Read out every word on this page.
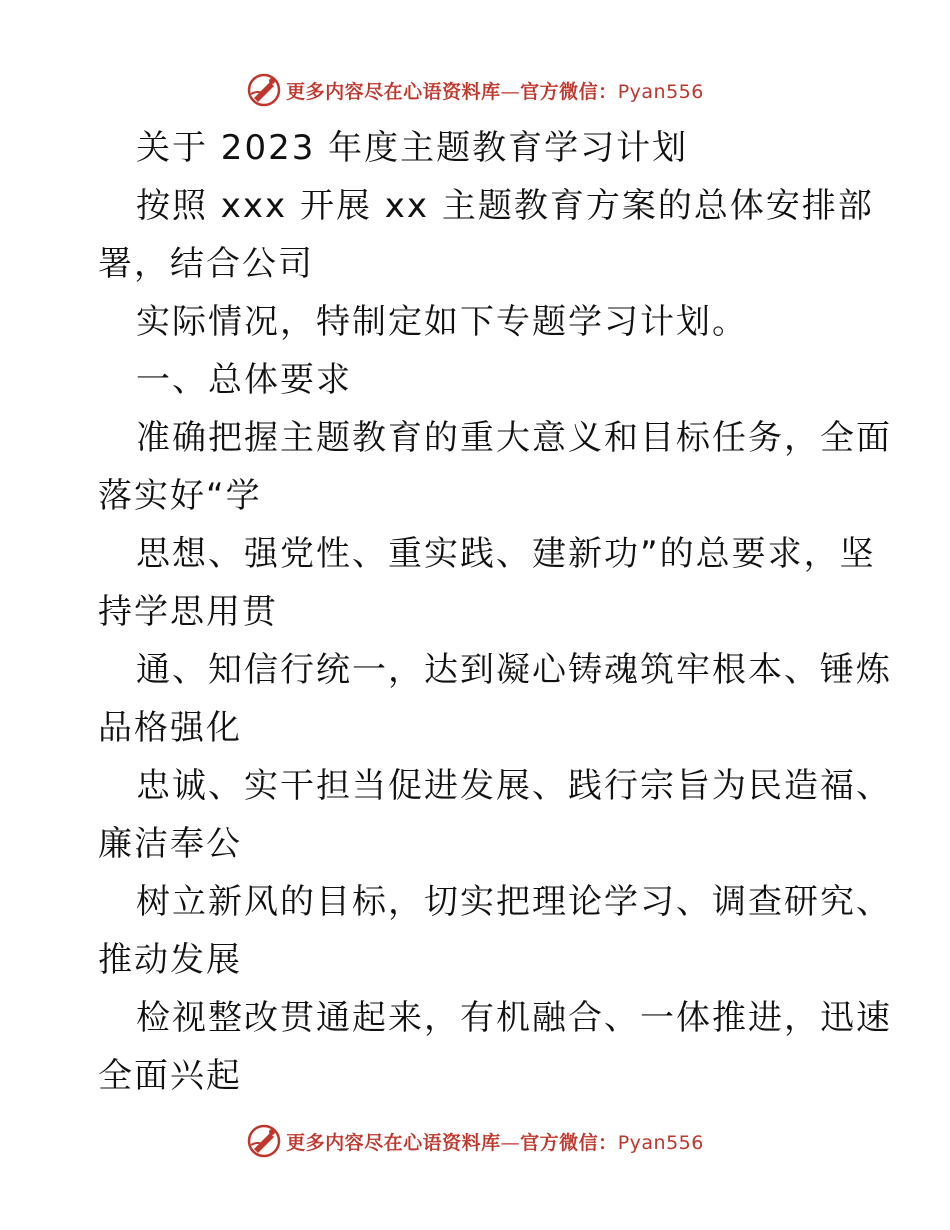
更多内容尽在心语资料库—官方微信：Pyan556
关于 2023 年度主题教育学习计划
按照 xxx 开展 xx 主题教育方案的总体安排部
署，结合公司
实际情况，特制定如下专题学习计划。
一、总体要求
准确把握主题教育的重大意义和目标任务，全面
落实好“学
思想、强党性、重实践、建新功”的总要求，坚
持学思用贯
通、知信行统一，达到凝心铸魂筑牢根本、锤炼
品格强化
忠诚、实干担当促进发展、践行宗旨为民造福、
廉洁奉公
树立新风的目标，切实把理论学习、调查研究、
推动发展
检视整改贯通起来，有机融合、一体推进，迅速
全面兴起
更多内容尽在心语资料库—官方微信：Pyan556
